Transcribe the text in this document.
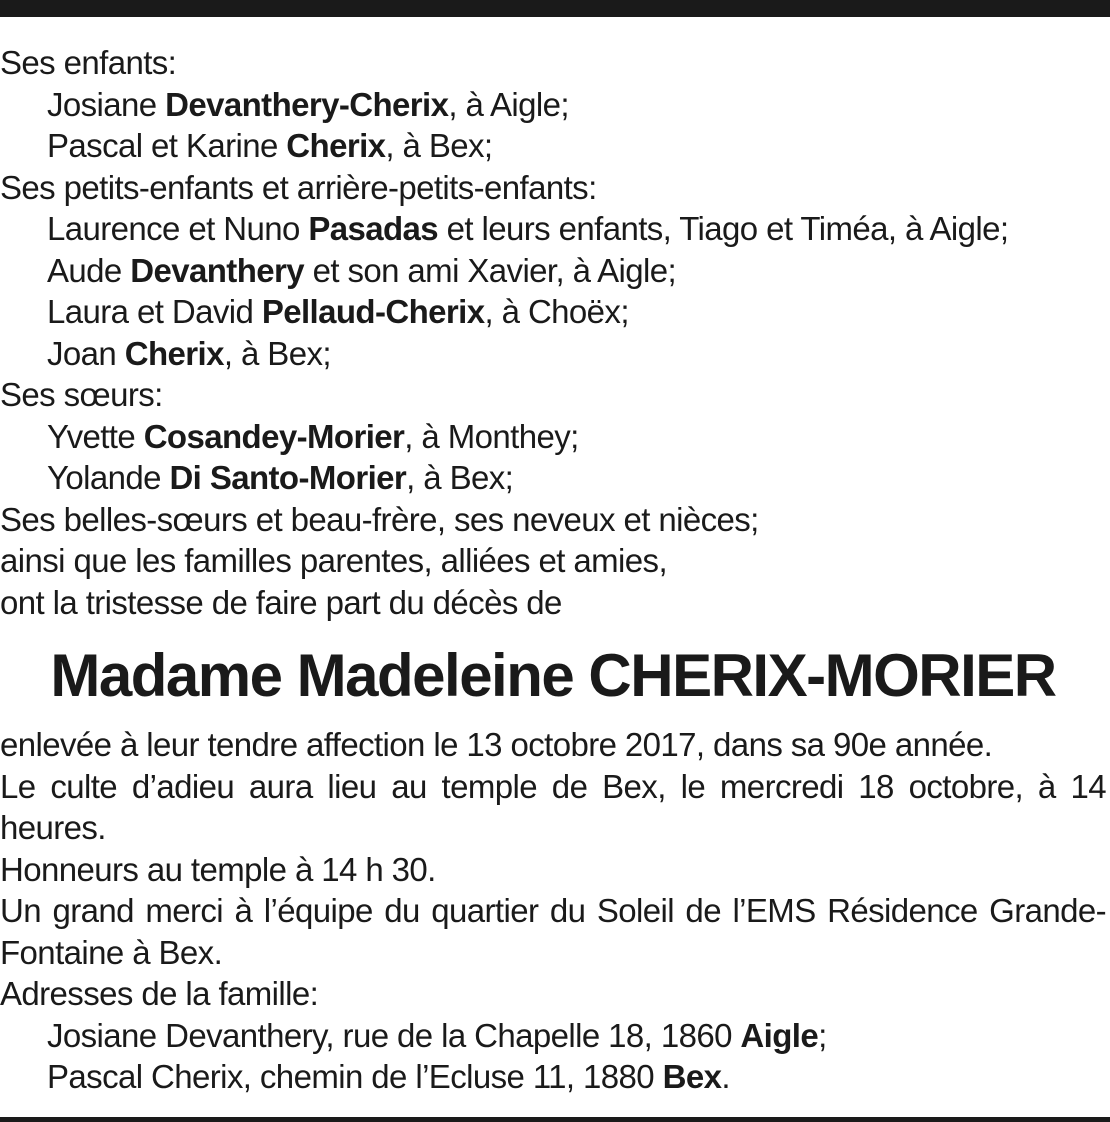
Ses enfants:
Josiane Devanthery-Cherix, à Aigle;
Pascal et Karine Cherix, à Bex;
Ses petits-enfants et arrière-petits-enfants:
Laurence et Nuno Pasadas et leurs enfants, Tiago et Timéa, à Aigle;
Aude Devanthery et son ami Xavier, à Aigle;
Laura et David Pellaud-Cherix, à Choëx;
Joan Cherix, à Bex;
Ses sœurs:
Yvette Cosandey-Morier, à Monthey;
Yolande Di Santo-Morier, à Bex;
Ses belles-sœurs et beau-frère, ses neveux et nièces;
ainsi que les familles parentes, alliées et amies,
ont la tristesse de faire part du décès de
Madame Madeleine CHERIX-MORIER
enlevée à leur tendre affection le 13 octobre 2017, dans sa 90e année.
Le culte d’adieu aura lieu au temple de Bex, le mercredi 18 octobre, à 14 heures.
Honneurs au temple à 14 h 30.
Un grand merci à l’équipe du quartier du Soleil de l’EMS Résidence Grande-Fontaine à Bex.
Adresses de la famille:
Josiane Devanthery, rue de la Chapelle 18, 1860 Aigle;
Pascal Cherix, chemin de l’Ecluse 11, 1880 Bex.
